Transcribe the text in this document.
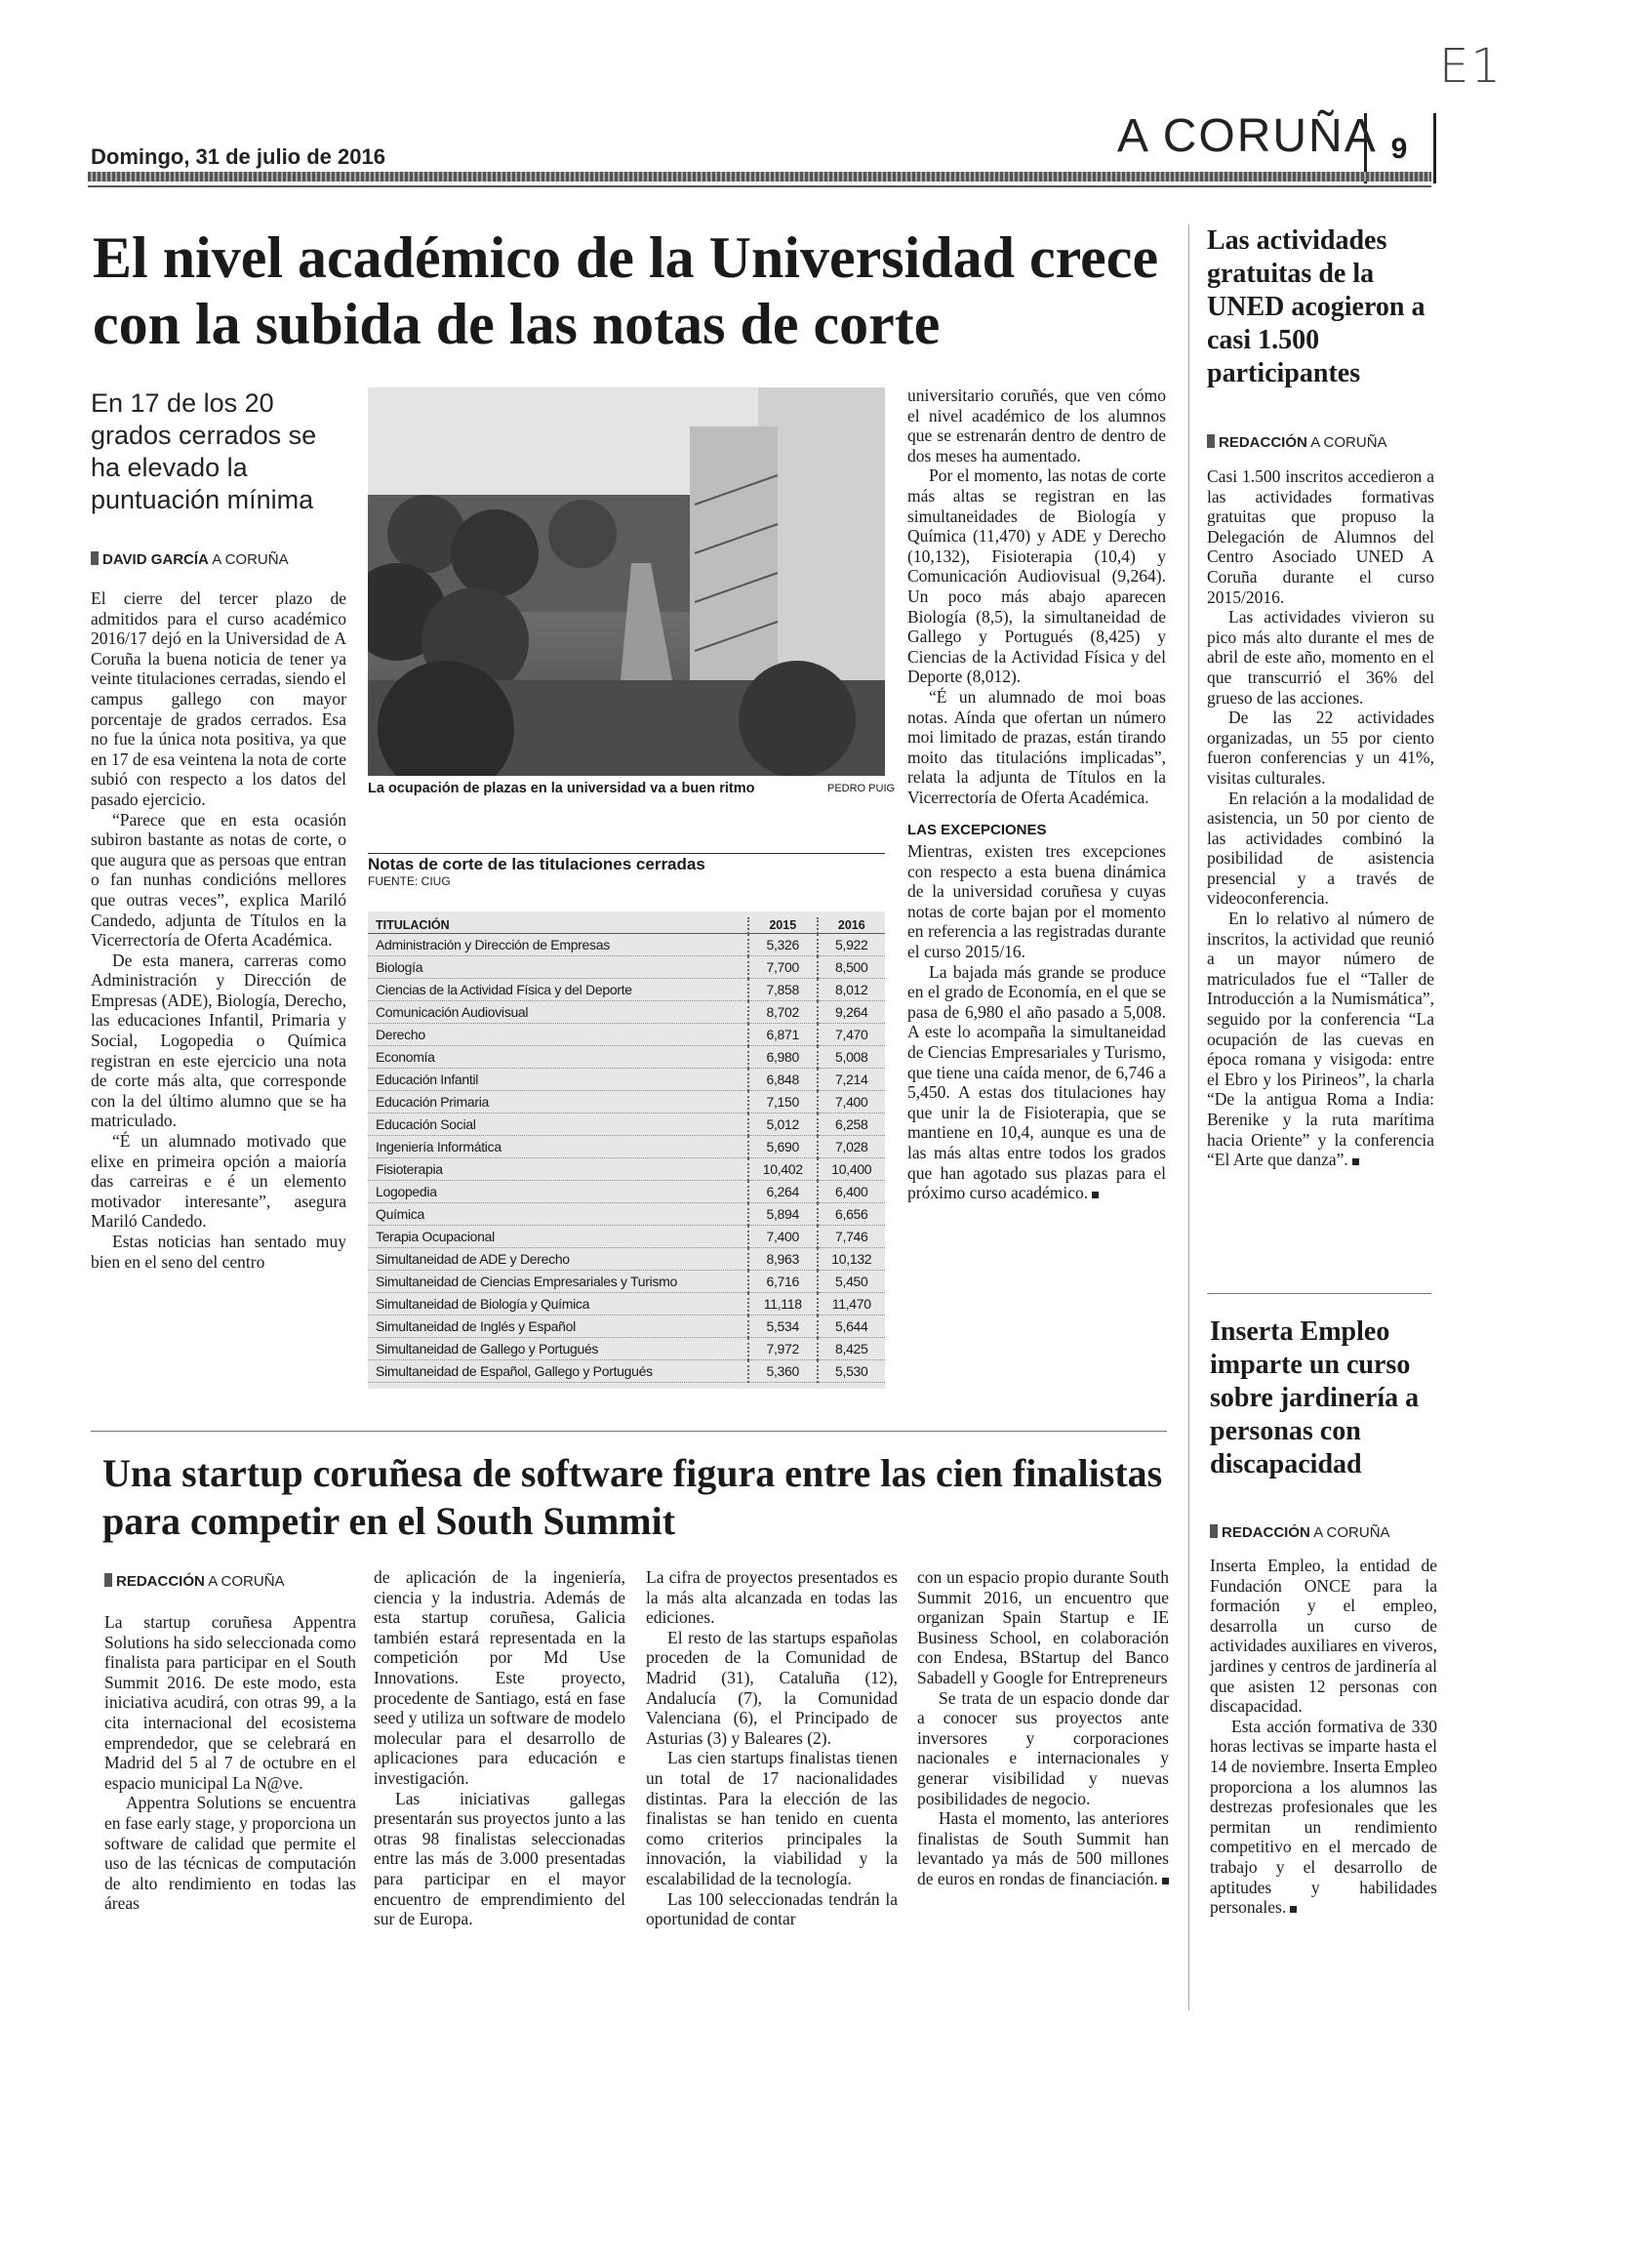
E1
Domingo, 31 de julio de 2016	A CORUÑA 9
El nivel académico de la Universidad crece con la subida de las notas de corte
En 17 de los 20 grados cerrados se ha elevado la puntuación mínima
DAVID GARCÍA A CORUÑA

El cierre del tercer plazo de admitidos para el curso académico 2016/17 dejó en la Universidad de A Coruña la buena noticia de tener ya veinte titulaciones cerradas, siendo el campus gallego con mayor porcentaje de grados cerrados. Esa no fue la única nota positiva, ya que en 17 de esa veintena la nota de corte subió con respecto a los datos del pasado ejercicio.

“Parece que en esta ocasión subiron bastante as notas de corte, o que augura que as persoas que entran o fan nunhas condicións mellores que outras veces”, explica Mariló Candedo, adjunta de Títulos en la Vicerrectoría de Oferta Académica.

De esta manera, carreras como Administración y Dirección de Empresas (ADE), Biología, Derecho, las educaciones Infantil, Primaria y Social, Logopedia o Química registran en este ejercicio una nota de corte más alta, que corresponde con la del último alumno que se ha matriculado.

“É un alumnado motivado que elixe en primeira opción a maioría das carreiras e é un elemento motivador interesante”, asegura Mariló Candedo.

Estas noticias han sentado muy bien en el seno del centro

La ocupación de plazas en la universidad va a buen ritmo	PEDRO PUIG
Notas de corte de las titulaciones cerradas
FUENTE: CIUG
TITULACIÓN	2015	2016
Administración y Dirección de Empresas	5,326	5,922
Biología	7,700	8,500
Ciencias de la Actividad Física y del Deporte	7,858	8,012
Comunicación Audiovisual	8,702	9,264
Derecho	6,871	7,470
Economía	6,980	5,008
Educación Infantil	6,848	7,214
Educación Primaria	7,150	7,400
Educación Social	5,012	6,258
Ingeniería Informática	5,690	7,028
Fisioterapia	10,402	10,400
Logopedia	6,264	6,400
Química	5,894	6,656
Terapia Ocupacional	7,400	7,746
Simultaneidad de ADE y Derecho	8,963	10,132
Simultaneidad de Ciencias Empresariales y Turismo	6,716	5,450
Simultaneidad de Biología y Química	11,118	11,470
Simultaneidad de Inglés y Español	5,534	5,644
Simultaneidad de Gallego y Portugués	7,972	8,425
Simultaneidad de Español, Gallego y Portugués	5,360	5,530

universitario coruñés, que ven cómo el nivel académico de los alumnos que se estrenarán dentro de dentro de dos meses ha aumentado.

Por el momento, las notas de corte más altas se registran en las simultaneidades de Biología y Química (11,470) y ADE y Derecho (10,132), Fisioterapia (10,4) y Comunicación Audiovisual (9,264). Un poco más abajo aparecen Biología (8,5), la simultaneidad de Gallego y Portugués (8,425) y Ciencias de la Actividad Física y del Deporte (8,012).

“É un alumnado de moi boas notas. Aínda que ofertan un número moi limitado de prazas, están tirando moito das titulacións implicadas”, relata la adjunta de Títulos en la Vicerrectoría de Oferta Académica.

LAS EXCEPCIONES

Mientras, existen tres excepciones con respecto a esta buena dinámica de la universidad coruñesa y cuyas notas de corte bajan por el momento en referencia a las registradas durante el curso 2015/16.

La bajada más grande se produce en el grado de Economía, en el que se pasa de 6,980 el año pasado a 5,008. A este lo acompaña la simultaneidad de Ciencias Empresariales y Turismo, que tiene una caída menor, de 6,746 a 5,450. A estas dos titulaciones hay que unir la de Fisioterapia, que se mantiene en 10,4, aunque es una de las más altas entre todos los grados que han agotado sus plazas para el próximo curso académico.

Una startup coruñesa de software figura entre las cien finalistas para competir en el South Summit
REDACCIÓN A CORUÑA

La startup coruñesa Appentra Solutions ha sido seleccionada como finalista para participar en el South Summit 2016. De este modo, esta iniciativa acudirá, con otras 99, a la cita internacional del ecosistema emprendedor, que se celebrará en Madrid del 5 al 7 de octubre en el espacio municipal La N@ve.

Appentra Solutions se encuentra en fase early stage, y proporciona un software de calidad que permite el uso de las técnicas de computación de alto rendimiento en todas las áreas

de aplicación de la ingeniería, ciencia y la industria. Además de esta startup coruñesa, Galicia también estará representada en la competición por Md Use Innovations. Este proyecto, procedente de Santiago, está en fase seed y utiliza un software de modelo molecular para el desarrollo de aplicaciones para educación e investigación.

Las iniciativas gallegas presentarán sus proyectos junto a las otras 98 finalistas seleccionadas entre las más de 3.000 presentadas para participar en el mayor encuentro de emprendimiento del sur de Europa.

La cifra de proyectos presentados es la más alta alcanzada en todas las ediciones.

El resto de las startups españolas proceden de la Comunidad de Madrid (31), Cataluña (12), Andalucía (7), la Comunidad Valenciana (6), el Principado de Asturias (3) y Baleares (2).

Las cien startups finalistas tienen un total de 17 nacionalidades distintas. Para la elección de las finalistas se han tenido en cuenta como criterios principales la innovación, la viabilidad y la escalabilidad de la tecnología.

Las 100 seleccionadas tendrán la oportunidad de contar

con un espacio propio durante South Summit 2016, un encuentro que organizan Spain Startup e IE Business School, en colaboración con Endesa, BStartup del Banco Sabadell y Google for Entrepreneurs

Se trata de un espacio donde dar a conocer sus proyectos ante inversores y corporaciones nacionales e internacionales y generar visibilidad y nuevas posibilidades de negocio.

Hasta el momento, las anteriores finalistas de South Summit han levantado ya más de 500 millones de euros en rondas de financiación.

Las actividades gratuitas de la UNED acogieron a casi 1.500 participantes
REDACCIÓN A CORUÑA

Casi 1.500 inscritos accedieron a las actividades formativas gratuitas que propuso la Delegación de Alumnos del Centro Asociado UNED A Coruña durante el curso 2015/2016.

Las actividades vivieron su pico más alto durante el mes de abril de este año, momento en el que transcurrió el 36% del grueso de las acciones.

De las 22 actividades organizadas, un 55 por ciento fueron conferencias y un 41%, visitas culturales.

En relación a la modalidad de asistencia, un 50 por ciento de las actividades combinó la posibilidad de asistencia presencial y a través de videoconferencia.

En lo relativo al número de inscritos, la actividad que reunió a un mayor número de matriculados fue el “Taller de Introducción a la Numismática”, seguido por la conferencia “La ocupación de las cuevas en época romana y visigoda: entre el Ebro y los Pirineos”, la charla “De la antigua Roma a India: Berenike y la ruta marítima hacia Oriente” y la conferencia “El Arte que danza”.

Inserta Empleo imparte un curso sobre jardinería a personas con discapacidad
REDACCIÓN A CORUÑA

Inserta Empleo, la entidad de Fundación ONCE para la formación y el empleo, desarrolla un curso de actividades auxiliares en viveros, jardines y centros de jardinería al que asisten 12 personas con discapacidad.

Esta acción formativa de 330 horas lectivas se imparte hasta el 14 de noviembre. Inserta Empleo proporciona a los alumnos las destrezas profesionales que les permitan un rendimiento competitivo en el mercado de trabajo y el desarrollo de aptitudes y habilidades personales.
